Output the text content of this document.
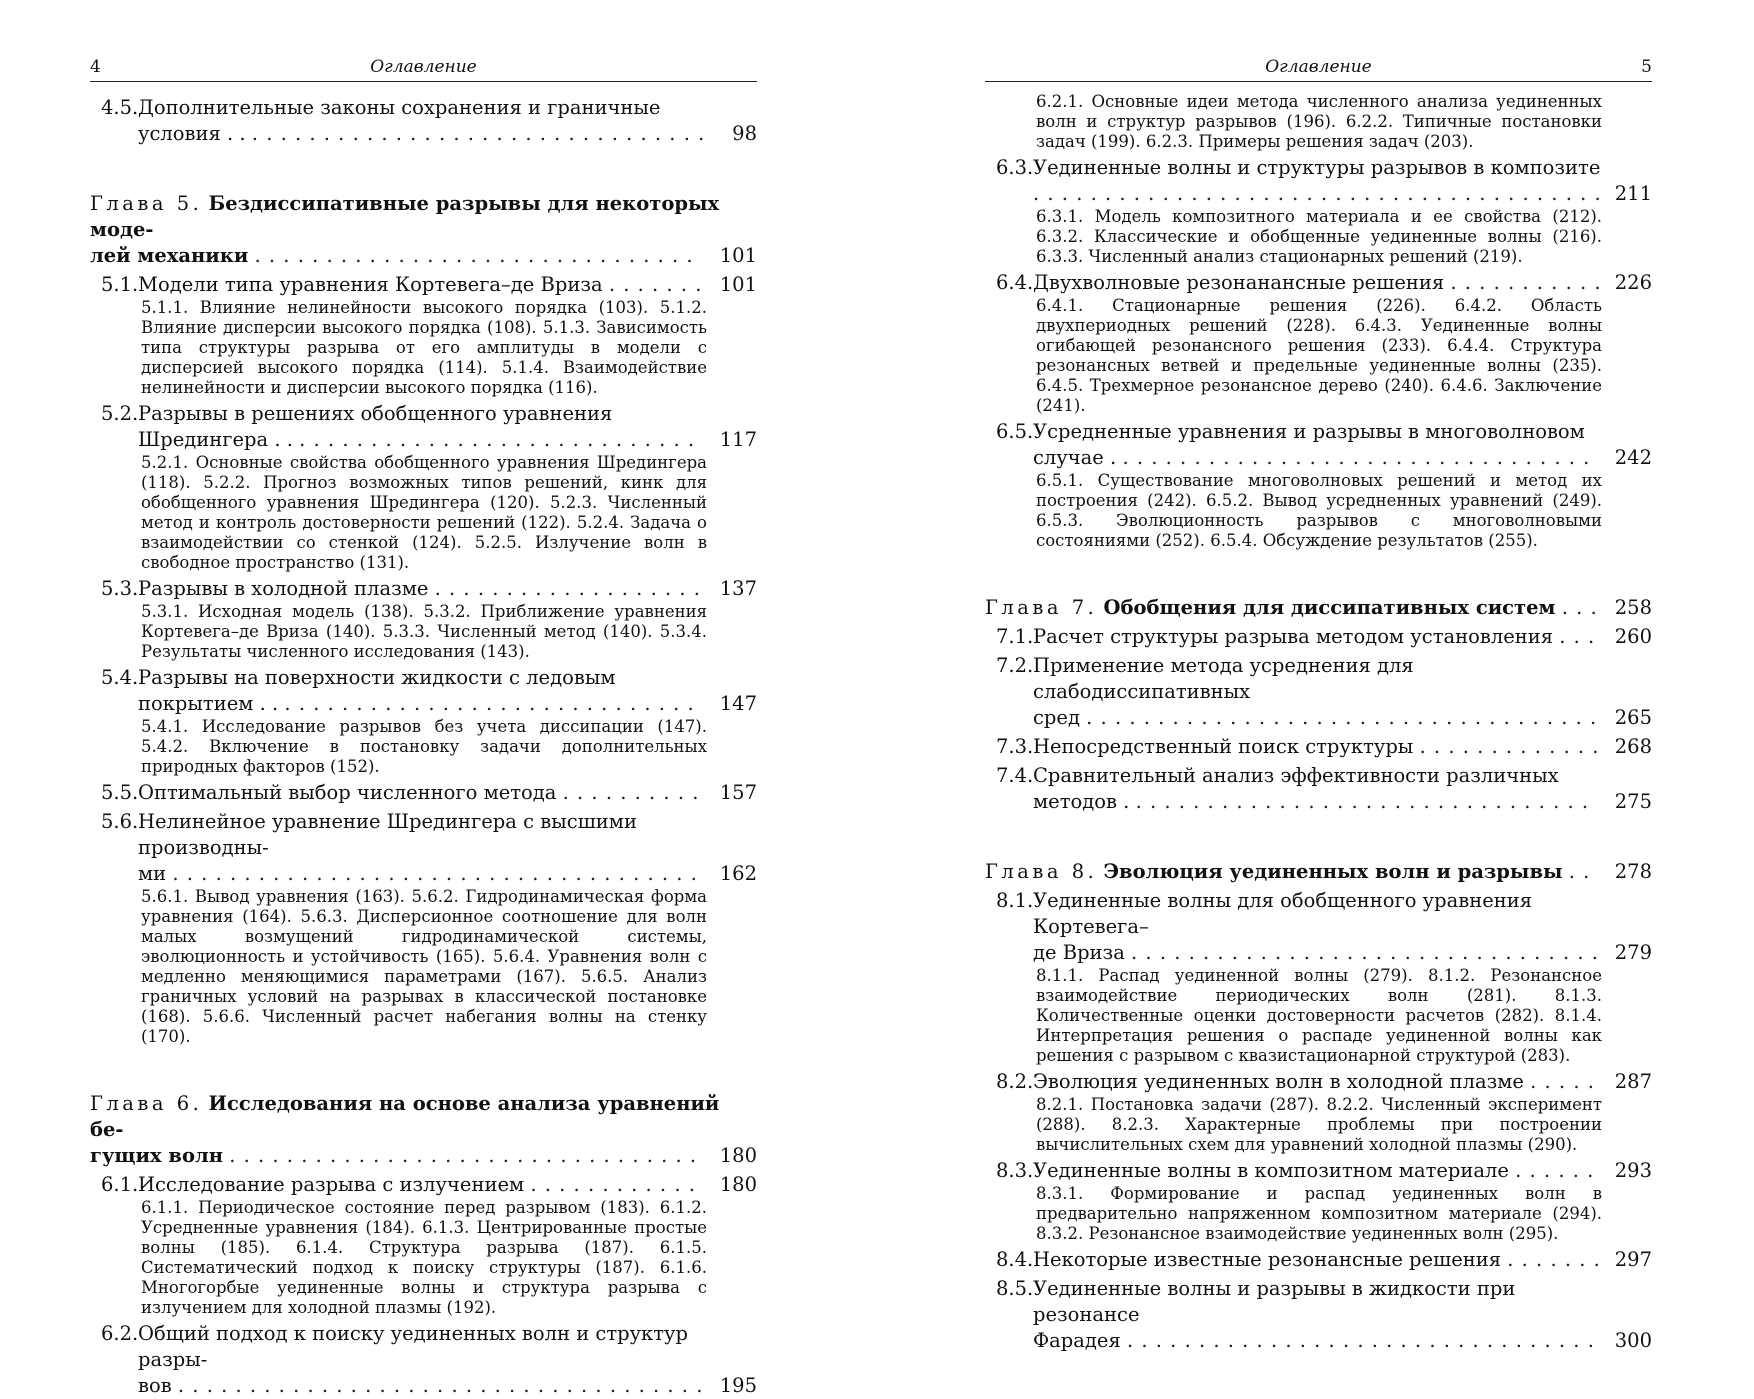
4	Оглавление
4.5. Дополнительные законы сохранения и граничные условия . . . . . . . . . . . . . . . . . . . . . . . . . . . . . . . . . . 98
Глава 5. Бездиссипативные разрывы для некоторых моде-
лей механики . . . . . . . . . . . . . . . . . . . . . . . . . . . . . . . 101
5.1. Модели типа уравнения Кортевега–де Вриза . . . . . . . 101
5.1.1. Влияние нелинейности высокого порядка (103). 5.1.2. Влияние дисперсии высокого порядка (108). 5.1.3. Зависимость типа структуры разрыва от его амплитуды в модели с дисперсией высокого порядка (114). 5.1.4. Взаимодействие нелинейности и дисперсии высокого порядка (116).
5.2. Разрывы в решениях обобщенного уравнения Шредингера . . . . . . . . . . . . . . . . . . . . . . . . . . . . . . 117
5.2.1. Основные свойства обобщенного уравнения Шредингера (118). 5.2.2. Прогноз возможных типов решений, кинк для обобщенного уравнения Шредингера (120). 5.2.3. Численный метод и контроль достоверности решений (122). 5.2.4. Задача о взаимодействии со стенкой (124). 5.2.5. Излучение волн в свободное пространство (131).
5.3. Разрывы в холодной плазме . . . . . . . . . . . . . . . . . . . 137
5.3.1. Исходная модель (138). 5.3.2. Приближение уравнения Кортевега–де Вриза (140). 5.3.3. Численный метод (140). 5.3.4. Результаты численного исследования (143).
5.4. Разрывы на поверхности жидкости с ледовым покрытием . . . . . . . . . . . . . . . . . . . . . . . . . . . . . . . 147
5.4.1. Исследование разрывов без учета диссипации (147). 5.4.2. Включение в постановку задачи дополнительных природных факторов (152).
5.5. Оптимальный выбор численного метода . . . . . . . . . . 157
5.6. Нелинейное уравнение Шредингера с высшими производны-
ми . . . . . . . . . . . . . . . . . . . . . . . . . . . . . . . . . . . . . 162
5.6.1. Вывод уравнения (163). 5.6.2. Гидродинамическая форма уравнения (164). 5.6.3. Дисперсионное соотношение для волн малых возмущений гидродинамической системы, эволюционность и устойчивость (165). 5.6.4. Уравнения волн с медленно меняющимися параметрами (167). 5.6.5. Анализ граничных условий на разрывах в классической постановке (168). 5.6.6. Численный расчет набегания волны на стенку (170).
Глава 6. Исследования на основе анализа уравнений бе-
гущих волн . . . . . . . . . . . . . . . . . . . . . . . . . . . . . . . . . 180
6.1. Исследование разрыва с излучением . . . . . . . . . . . . 180
6.1.1. Периодическое состояние перед разрывом (183). 6.1.2. Усредненные уравнения (184). 6.1.3. Центрированные простые волны (185). 6.1.4. Структура разрыва (187). 6.1.5. Систематический подход к поиску структуры (187). 6.1.6. Многогорбые уединенные волны и структура разрыва с излучением для холодной плазмы (192).
6.2. Общий подход к поиску уединенных волн и структур разры-
вов . . . . . . . . . . . . . . . . . . . . . . . . . . . . . . . . . . . . . 195
Оглавление	5
6.2.1. Основные идеи метода численного анализа уединенных волн и структур разрывов (196). 6.2.2. Типичные постановки задач (199). 6.2.3. Примеры решения задач (203).
6.3. Уединенные волны и структуры разрывов в композите . . . . . . . . . . . . . . . . . . . . . . . . . . . . . . . . . . . . . . . . 211
6.3.1. Модель композитного материала и ее свойства (212). 6.3.2. Классические и обобщенные уединенные волны (216). 6.3.3. Численный анализ стационарных решений (219).
6.4. Двухволновые резонанансные решения . . . . . . . . . . . 226
6.4.1. Стационарные решения (226). 6.4.2. Область двухпериодных решений (228). 6.4.3. Уединенные волны огибающей резонансного решения (233). 6.4.4. Структура резонансных ветвей и предельные уединенные волны (235). 6.4.5. Трехмерное резонансное дерево (240). 6.4.6. Заключение (241).
6.5. Усредненные уравнения и разрывы в многоволновом случае . . . . . . . . . . . . . . . . . . . . . . . . . . . . . . . . . . 242
6.5.1. Существование многоволновых решений и метод их построения (242). 6.5.2. Вывод усредненных уравнений (249). 6.5.3. Эволюционность разрывов с многоволновыми состояниями (252). 6.5.4. Обсуждение результатов (255).
Глава 7. Обобщения для диссипативных систем . . . 258
7.1. Расчет структуры разрыва методом установления . . . 260
7.2. Применение метода усреднения для слабодиссипативных
сред . . . . . . . . . . . . . . . . . . . . . . . . . . . . . . . . . . . . 265
7.3. Непосредственный поиск структуры . . . . . . . . . . . . . 268
7.4. Сравнительный анализ эффективности различных методов . . . . . . . . . . . . . . . . . . . . . . . . . . . . . . . . . 275
Глава 8. Эволюция уединенных волн и разрывы . . 278
8.1. Уединенные волны для обобщенного уравнения Кортевега–
де Вриза . . . . . . . . . . . . . . . . . . . . . . . . . . . . . . . . . 279
8.1.1. Распад уединенной волны (279). 8.1.2. Резонансное взаимодействие периодических волн (281). 8.1.3. Количественные оценки достоверности расчетов (282). 8.1.4. Интерпретация решения о распаде уединенной волны как решения с разрывом с квазистационарной структурой (283).
8.2. Эволюция уединенных волн в холодной плазме . . . . . 287
8.2.1. Постановка задачи (287). 8.2.2. Численный эксперимент (288). 8.2.3. Характерные проблемы при построении вычислительных схем для уравнений холодной плазмы (290).
8.3. Уединенные волны в композитном материале . . . . . . 293
8.3.1. Формирование и распад уединенных волн в предварительно напряженном композитном материале (294). 8.3.2. Резонансное взаимодействие уединенных волн (295).
8.4. Некоторые известные резонансные решения . . . . . . . 297
8.5. Уединенные волны и разрывы в жидкости при резонансе
Фарадея . . . . . . . . . . . . . . . . . . . . . . . . . . . . . . . . . 300
